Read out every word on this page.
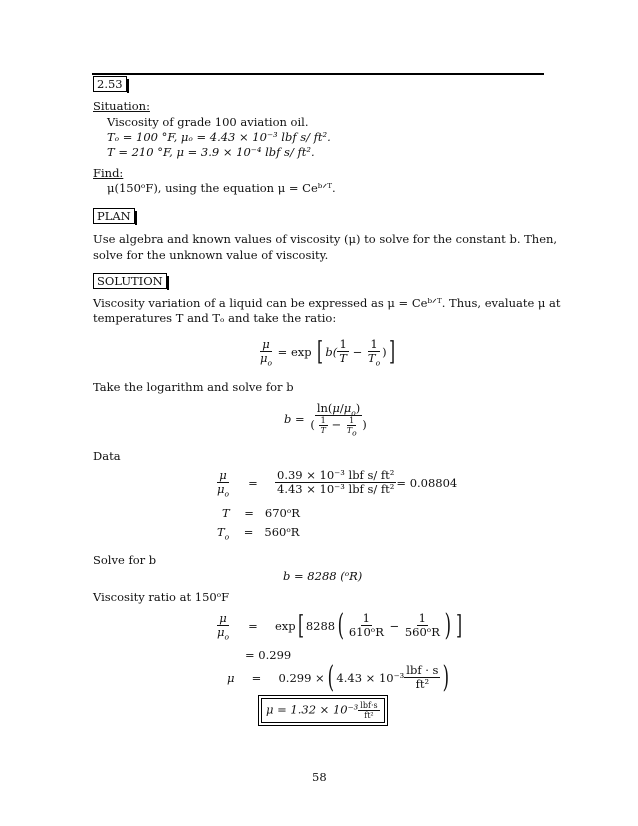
2.53
Situation:
Viscosity of grade 100 aviation oil.
Tₒ = 100 °F, μₒ = 4.43 × 10⁻³ lbf s/ ft².
T = 210 °F, μ = 3.9 × 10⁻⁴ lbf s/ ft².
Find:
μ(150ᵒF), using the equation μ = Ceᵇᐟᵀ.
PLAN
Use algebra and known values of viscosity (μ) to solve for the constant b. Then,
solve for the unknown value of viscosity.
SOLUTION
Viscosity variation of a liquid can be expressed as μ = Ceᵇᐟᵀ. Thus, evaluate μ at
temperatures T and Tₒ and take the ratio:
$\frac{\mu}{\mu_o} = \exp$ [ $b( \frac{1}{T} - \frac{1}{T_o}$ ) ]
Take the logarithm and solve for b
$b = \frac{\ln(\mu/\mu_o)}{( \frac{1}{T} - \frac{1}{T_o} )}$
Data
$\frac{\mu}{\mu_o}$	=	$\frac{\text{0.39 × 10⁻³ lbf s/ ft²}}{\text{4.43 × 10⁻³ lbf s/ ft²}} = 0.08804$
T    =   670ᵒR
$T_o$    =   560ᵒR
Solve for b
b = 8288 (ᵒR)
Viscosity ratio at 150ᵒF
$\frac{\mu}{\mu_o}$	=	exp [ 8288 ( $\frac{1}{\text{610ᵒR}} - \frac{1}{\text{560ᵒR}}$ ) ]
= 0.299
μ	=	0.299 × ( $4.43 \times 10^{-3} \frac{\text{lbf · s}}{\text{ft²}}$ )
$\mu = 1.32 \times 10^{-3} \frac{\text{lbf·s}}{\text{ft²}}$
58
